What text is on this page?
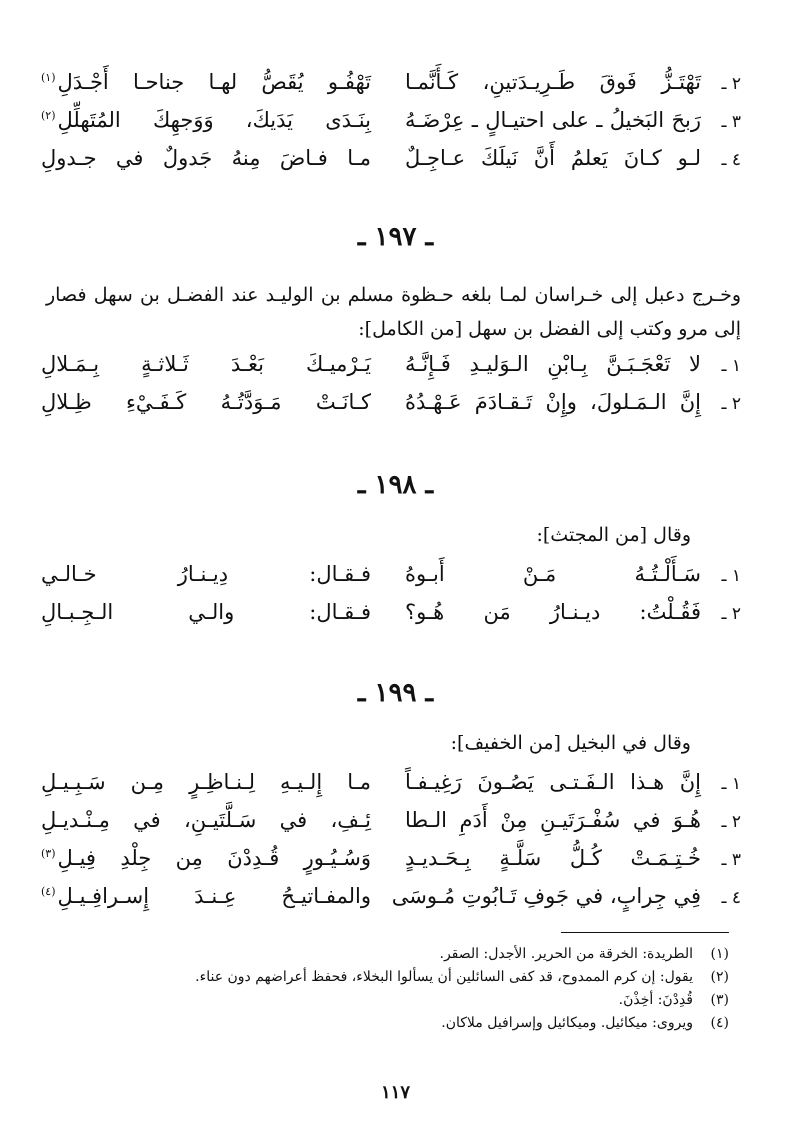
٢ ـ
تَهْتَـزُّ فَوقَ طَـرِيـدَتينِ، كَـأَنَّمـا
تَهْفُـو يُقَصُّ لهـا جناحـا أَجْـدَلِ$^{(١)}$
٣ ـ
رَبحَ البَخيلُ ـ على احتيـالٍ ـ عِرْضَـهُ
بِنَـدَى يَدَيكَ، وَوَجهِكَ المُتَهلِّلِ$^{(٢)}$
٤ ـ
لـو كـانَ يَعلمُ أَنَّ نَيلَكَ عـاجِـلٌ
مـا فـاضَ مِنهُ جَدولٌ في جـدولِ
ـ ١٩٧ ـ
وخـرج دعبل إلى خـراسان لمـا بلغه حـظوة مسلم بن الوليـد عند الفضـل بن سهل فصار إلى مرو وكتب إلى الفضل بن سهل [من الكامل]:
١ ـ
لا تَعْجَـبَـنَّ بِـابْنِ الـوَليـدِ فَـإِنَّـهُ
يَـرْميـكَ بَعْـدَ ثَـلاثـةٍ بِـمَـلالِ
٢ ـ
إِنَّ الـمَـلولَ، وإِنْ تَـقـادَمَ عَـهْـدُهُ
كـانَـتْ مَـوَدَّتُـهُ كَـفَـيْءِ ظِـلالِ
ـ ١٩٨ ـ
وقال [من المجتث]:
١ ـ
سَـأَلْـتُـهُ مَـنْ أَبـوهُ
فـقـال: دِيـنـارُ خـالـي
٢ ـ
فَقُـلْتُ: ديـنـارُ مَن هُـو؟
فـقـال: والـي الـجِـبـالِ
ـ ١٩٩ ـ
وقال في البخيل [من الخفيف]:
١ ـ
إِنَّ هـذا الـفَـتـى يَصُـونَ رَغِيـفـاً
مـا إِلـيـهِ لِـنـاظِـرٍ مِـن سَـبِـيـلِ
٢ ـ
هُـوَ في سُفْـرَتَيـنِ مِنْ أَدَمِ الـطا
ئِـفِ، في سَـلَّتَيـنِ، في مِـنْـديـلِ
٣ ـ
خُـتِـمَـتْ كُـلُّ سَلَّـةٍ بِـحَـديـدٍ
وَسُـيُـورٍ قُـدِدْنَ مِن جِلْدِ فِيـلِ$^{(٣)}$
٤ ـ
فِي جِرابٍ، في جَوفِ تَـابُوتِ مُـوسَى
والمفـاتيـحُ عِـنـدَ إِسـرافِـيـلِ$^{(٤)}$
(١)
الطريدة: الخرقة من الحرير. الأجدل: الصقر.
(٢)
يقول: إن كرم الممدوح، قد كفى السائلين أن يسألوا البخلاء، فحفظ أعراضهم دون عناء.
(٣)
قُدِدْنَ: أخِذْنَ.
(٤)
ويروى: ميكائيل. وميكائيل وإسرافيل ملاكان.
١١٧
